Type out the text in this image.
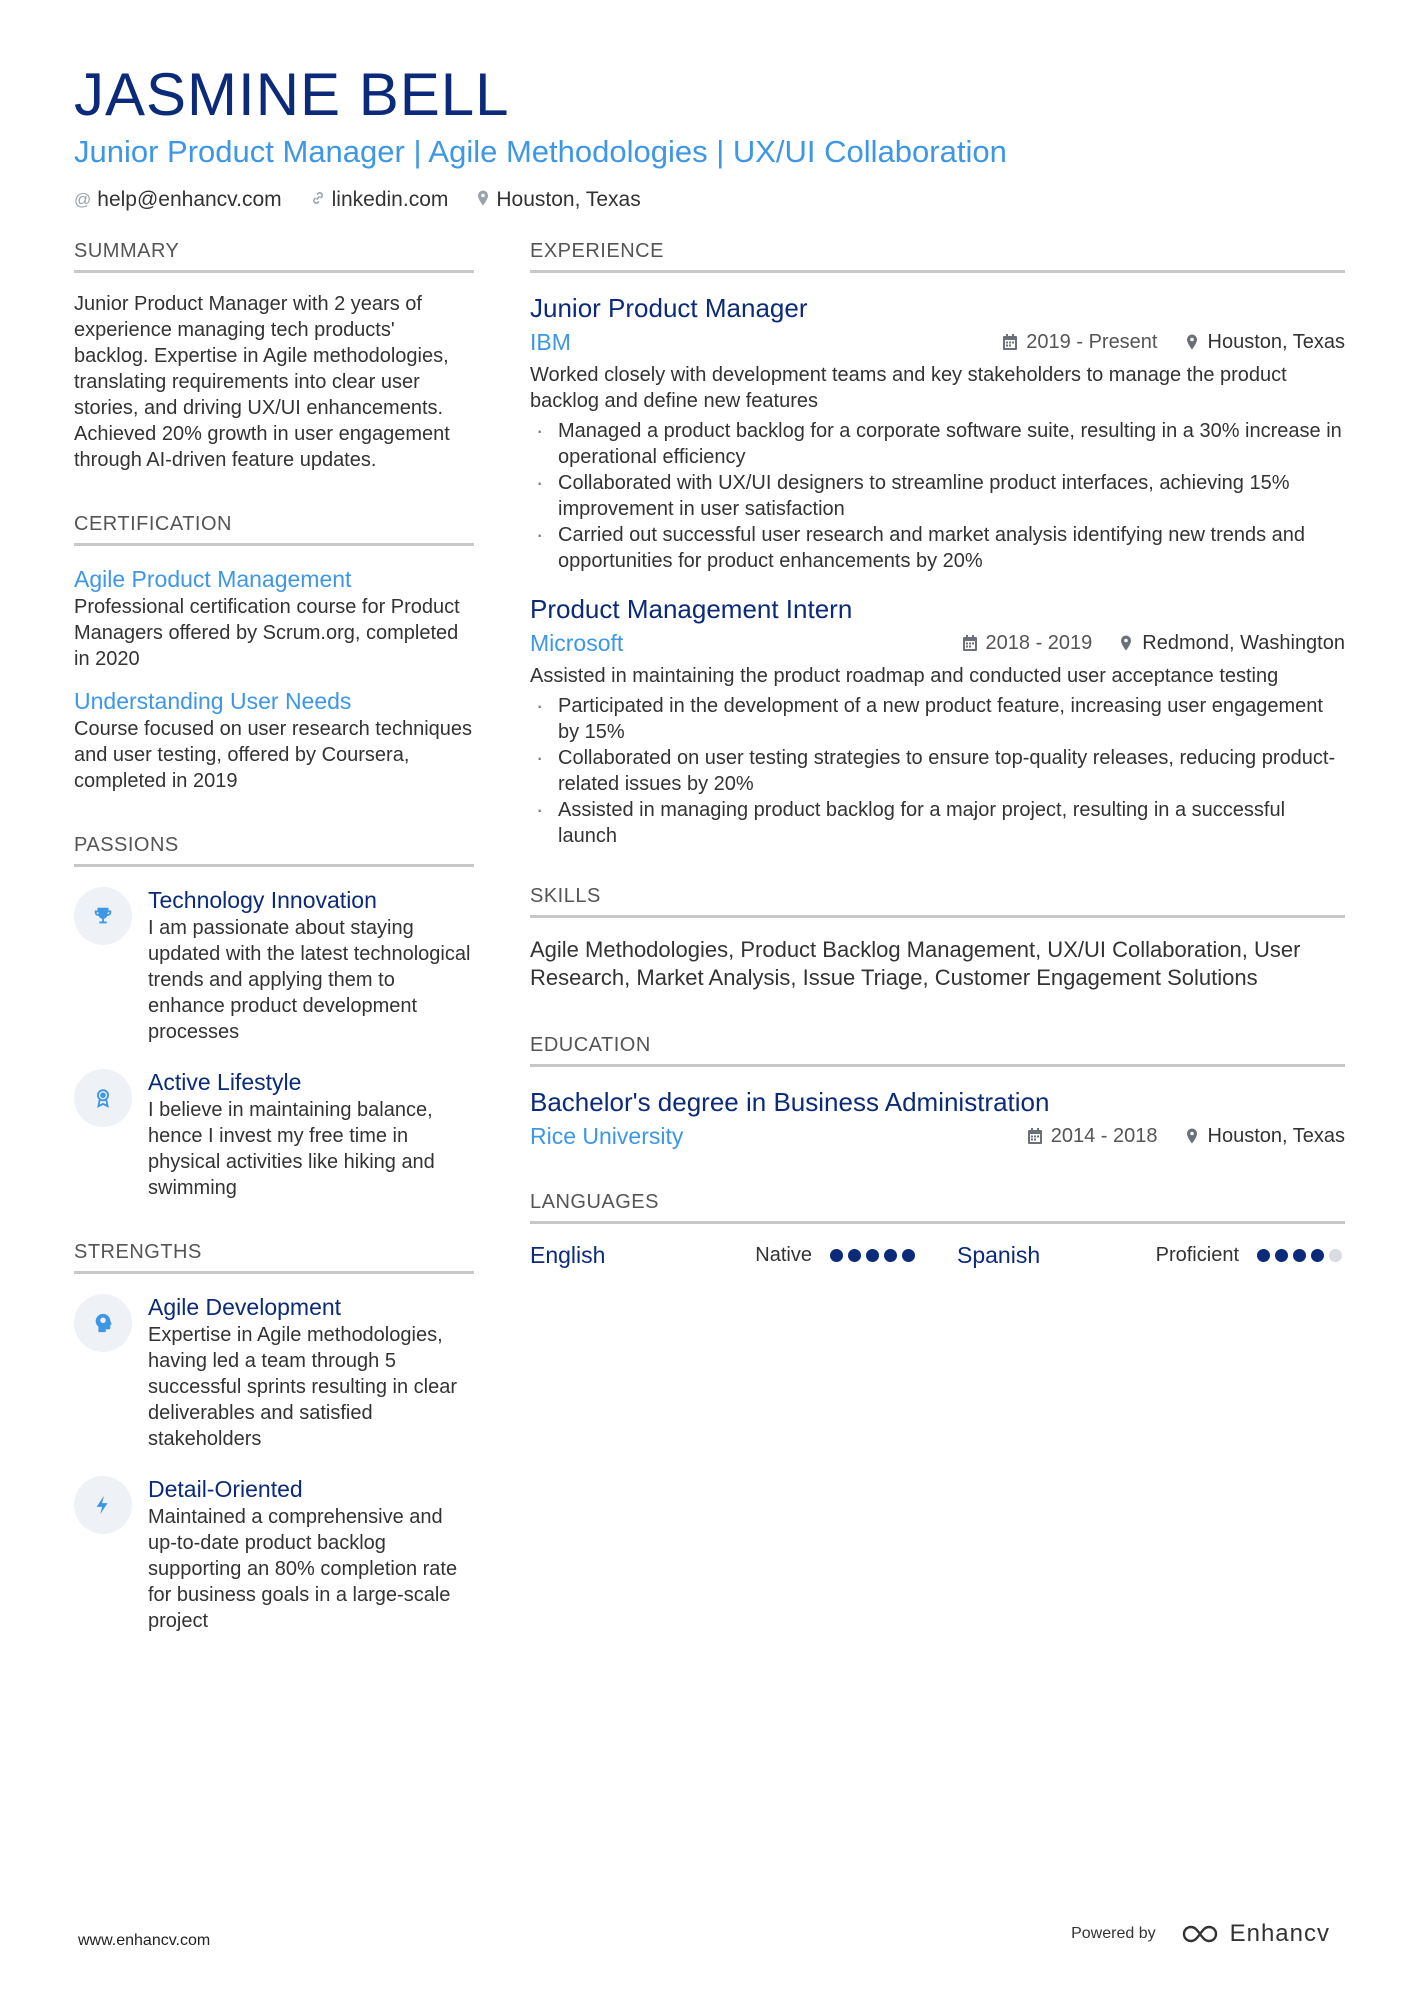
JASMINE BELL
Junior Product Manager | Agile Methodologies | UX/UI Collaboration
@ help@enhancv.com linkedin.com Houston, Texas
SUMMARY
Junior Product Manager with 2 years of experience managing tech products' backlog. Expertise in Agile methodologies, translating requirements into clear user stories, and driving UX/UI enhancements. Achieved 20% growth in user engagement through AI-driven feature updates.
CERTIFICATION
Agile Product Management
Professional certification course for Product Managers offered by Scrum.org, completed in 2020
Understanding User Needs
Course focused on user research techniques and user testing, offered by Coursera, completed in 2019
PASSIONS
Technology Innovation
I am passionate about staying updated with the latest technological trends and applying them to enhance product development processes
Active Lifestyle
I believe in maintaining balance, hence I invest my free time in physical activities like hiking and swimming
STRENGTHS
Agile Development
Expertise in Agile methodologies, having led a team through 5 successful sprints resulting in clear deliverables and satisfied stakeholders
Detail-Oriented
Maintained a comprehensive and up-to-date product backlog supporting an 80% completion rate for business goals in a large-scale project
EXPERIENCE
Junior Product Manager
IBM	2019 - Present	Houston, Texas
Worked closely with development teams and key stakeholders to manage the product backlog and define new features
· Managed a product backlog for a corporate software suite, resulting in a 30% increase in operational efficiency
· Collaborated with UX/UI designers to streamline product interfaces, achieving 15% improvement in user satisfaction
· Carried out successful user research and market analysis identifying new trends and opportunities for product enhancements by 20%
Product Management Intern
Microsoft	2018 - 2019	Redmond, Washington
Assisted in maintaining the product roadmap and conducted user acceptance testing
· Participated in the development of a new product feature, increasing user engagement by 15%
· Collaborated on user testing strategies to ensure top-quality releases, reducing product-related issues by 20%
· Assisted in managing product backlog for a major project, resulting in a successful launch
SKILLS
Agile Methodologies, Product Backlog Management, UX/UI Collaboration, User Research, Market Analysis, Issue Triage, Customer Engagement Solutions
EDUCATION
Bachelor's degree in Business Administration
Rice University	2014 - 2018	Houston, Texas
LANGUAGES
English	Native	Spanish	Proficient
www.enhancv.com	Powered by	Enhancv
